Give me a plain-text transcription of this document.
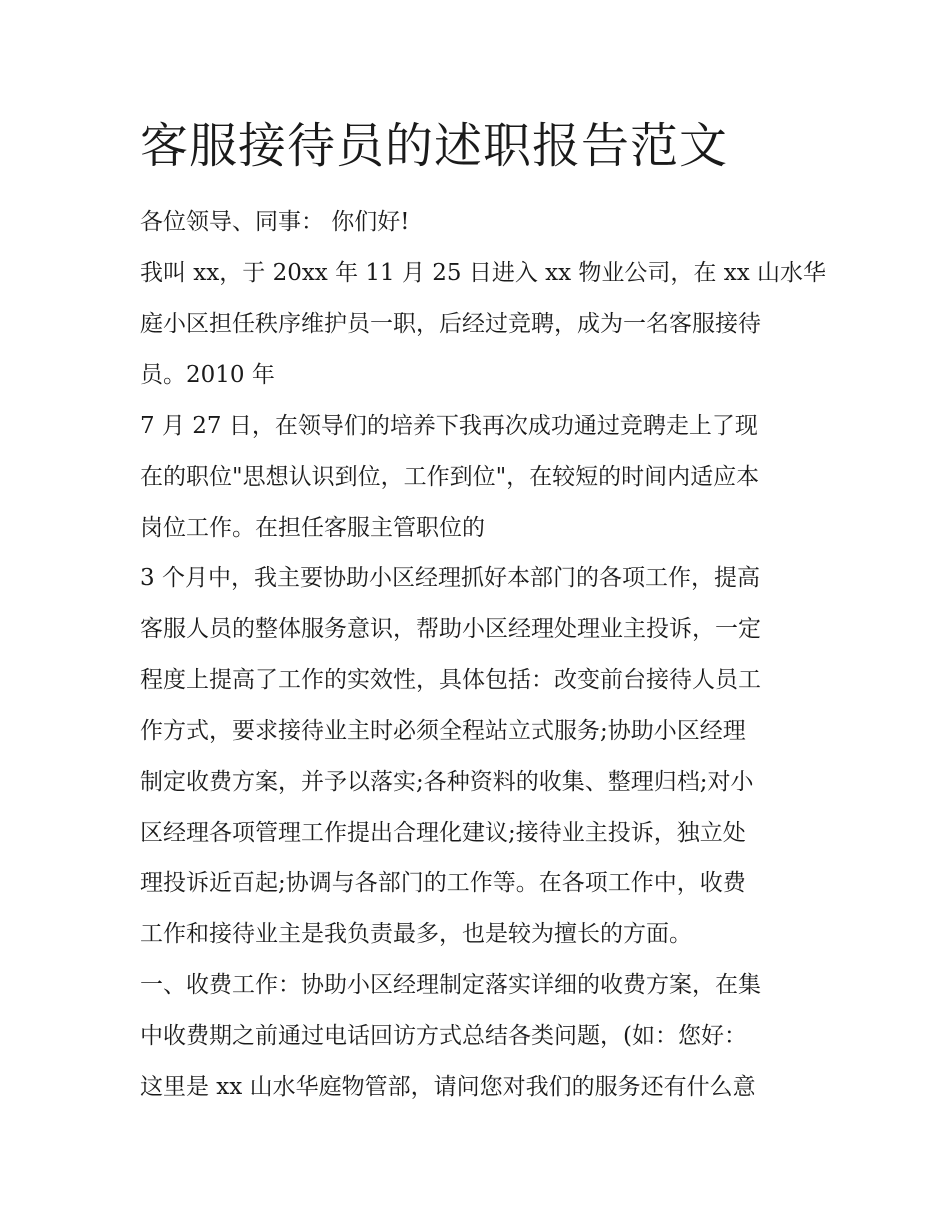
客服接待员的述职报告范文

各位领导、同事： 你们好!

我叫 xx，于 20xx 年 11 月 25 日进入 xx 物业公司，在 xx 山水华

庭小区担任秩序维护员一职，后经过竞聘，成为一名客服接待

员。2010 年

7 月 27 日，在领导们的培养下我再次成功通过竞聘走上了现

在的职位"思想认识到位，工作到位"，在较短的时间内适应本

岗位工作。在担任客服主管职位的

3 个月中，我主要协助小区经理抓好本部门的各项工作，提高

客服人员的整体服务意识，帮助小区经理处理业主投诉，一定

程度上提高了工作的实效性，具体包括：改变前台接待人员工

作方式，要求接待业主时必须全程站立式服务;协助小区经理

制定收费方案，并予以落实;各种资料的收集、整理归档;对小

区经理各项管理工作提出合理化建议;接待业主投诉，独立处

理投诉近百起;协调与各部门的工作等。在各项工作中，收费

工作和接待业主是我负责最多，也是较为擅长的方面。

一、收费工作：协助小区经理制定落实详细的收费方案，在集

中收费期之前通过电话回访方式总结各类问题，(如：您好：

这里是 xx 山水华庭物管部，请问您对我们的服务还有什么意
